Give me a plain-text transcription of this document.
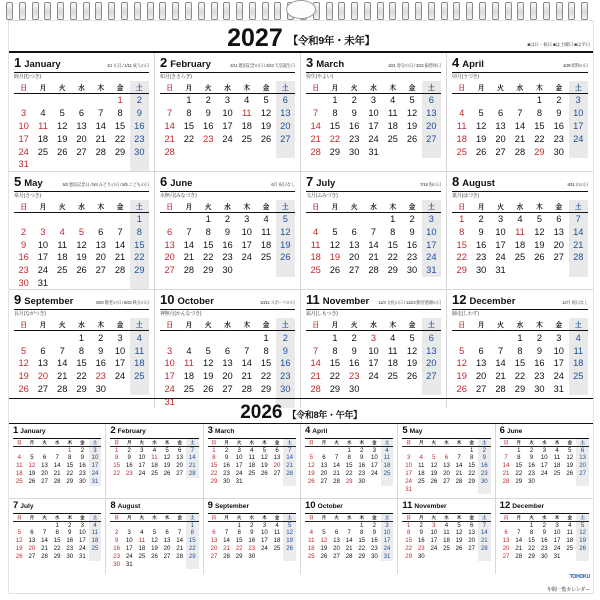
2027 【令和9年・未年】	■は日・祝日 ■は土曜日 ■は平日
1 January	1/1 元日 / 1/11 成人の日
睦月(むつき)
日	月	火	水	木	金	土
					1	2
3	4	5	6	7	8	9
10	11	12	13	14	15	16
17	18	19	20	21	22	23
24	25	26	27	28	29	30
31						
2 February	2/11 建国記念の日 / 2/23 天皇誕生日
如月(きさらぎ)
日	月	火	水	木	金	土
	1	2	3	4	5	6
7	8	9	10	11	12	13
14	15	16	17	18	19	20
21	22	23	24	25	26	27
28						
3 March	3/21 春分の日 / 3/22 振替休日
弥生(やよい)
日	月	火	水	木	金	土
	1	2	3	4	5	6
7	8	9	10	11	12	13
14	15	16	17	18	19	20
21	22	23	24	25	26	27
28	29	30	31			
4 April	4/29 昭和の日
卯月(うづき)
日	月	火	水	木	金	土
				1	2	3
4	5	6	7	8	9	10
11	12	13	14	15	16	17
18	19	20	21	22	23	24
25	26	27	28	29	30	
5 May	5/3 憲法記念日 / 5/4 みどりの日 / 5/5 こどもの日
皐月(さつき)
日	月	火	水	木	金	土
						1
2	3	4	5	6	7	8
9	10	11	12	13	14	15
16	17	18	19	20	21	22
23	24	25	26	27	28	29
30	31					
6 June	6月 祝日なし
水無月(みなづき)
日	月	火	水	木	金	土
		1	2	3	4	5
6	7	8	9	10	11	12
13	14	15	16	17	18	19
20	21	22	23	24	25	26
27	28	29	30			
7 July	7/19 海の日
文月(ふみづき)
日	月	火	水	木	金	土
				1	2	3
4	5	6	7	8	9	10
11	12	13	14	15	16	17
18	19	20	21	22	23	24
25	26	27	28	29	30	31
8 August	8/11 山の日
葉月(はづき)
日	月	火	水	木	金	土
1	2	3	4	5	6	7
8	9	10	11	12	13	14
15	16	17	18	19	20	21
22	23	24	25	26	27	28
29	30	31				
9 September	9/20 敬老の日 / 9/23 秋分の日
長月(ながつき)
日	月	火	水	木	金	土
			1	2	3	4
5	6	7	8	9	10	11
12	13	14	15	16	17	18
19	20	21	22	23	24	25
26	27	28	29	30		
10 October	10/11 スポーツの日
神無月(かんなづき)
日	月	火	水	木	金	土
					1	2
3	4	5	6	7	8	9
10	11	12	13	14	15	16
17	18	19	20	21	22	23
24	25	26	27	28	29	30
31						
11 November 11/3 文化の日 / 11/23 勤労感謝の日
霜月(しもつき)
日	月	火	水	木	金	土
	1	2	3	4	5	6
7	8	9	10	11	12	13
14	15	16	17	18	19	20
21	22	23	24	25	26	27
28	29	30				
12 December	12月 祝日なし
師走(しわす)
日	月	火	水	木	金	土
			1	2	3	4
5	6	7	8	9	10	11
12	13	14	15	16	17	18
19	20	21	22	23	24	25
26	27	28	29	30	31	
2026 【令和8年・午年】
1 January
日	月	火	水	木	金	土
				1	2	3
4	5	6	7	8	9	10
11	12	13	14	15	16	17
18	19	20	21	22	23	24
25	26	27	28	29	30	31
2 February
日	月	火	水	木	金	土
1	2	3	4	5	6	7
8	9	10	11	12	13	14
15	16	17	18	19	20	21
22	23	24	25	26	27	28
3 March
日	月	火	水	木	金	土
1	2	3	4	5	6	7
8	9	10	11	12	13	14
15	16	17	18	19	20	21
22	23	24	25	26	27	28
29	30	31				
4 April
日	月	火	水	木	金	土
			1	2	3	4
5	6	7	8	9	10	11
12	13	14	15	16	17	18
19	20	21	22	23	24	25
26	27	28	29	30		
5 May
日	月	火	水	木	金	土
					1	2
3	4	5	6	7	8	9
10	11	12	13	14	15	16
17	18	19	20	21	22	23
24	25	26	27	28	29	30
31						
6 June
日	月	火	水	木	金	土
	1	2	3	4	5	6
7	8	9	10	11	12	13
14	15	16	17	18	19	20
21	22	23	24	25	26	27
28	29	30				
7 July
日	月	火	水	木	金	土
			1	2	3	4
5	6	7	8	9	10	11
12	13	14	15	16	17	18
19	20	21	22	23	24	25
26	27	28	29	30	31	
8 August
日	月	火	水	木	金	土
						1
2	3	4	5	6	7	8
9	10	11	12	13	14	15
16	17	18	19	20	21	22
23	24	25	26	27	28	29
30	31					
9 September
日	月	火	水	木	金	土
		1	2	3	4	5
6	7	8	9	10	11	12
13	14	15	16	17	18	19
20	21	22	23	24	25	26
27	28	29	30			
10 October
日	月	火	水	木	金	土
				1	2	3
4	5	6	7	8	9	10
11	12	13	14	15	16	17
18	19	20	21	22	23	24
25	26	27	28	29	30	31
11 November
日	月	火	水	木	金	土
1	2	3	4	5	6	7
8	9	10	11	12	13	14
15	16	17	18	19	20	21
22	23	24	25	26	27	28
29	30					
12 December
日	月	火	水	木	金	土
		1	2	3	4	5
6	7	8	9	10	11	12
13	14	15	16	17	18	19
20	21	22	23	24	25	26
27	28	29	30	31		
TOHOKU
年間一覧カレンダー
